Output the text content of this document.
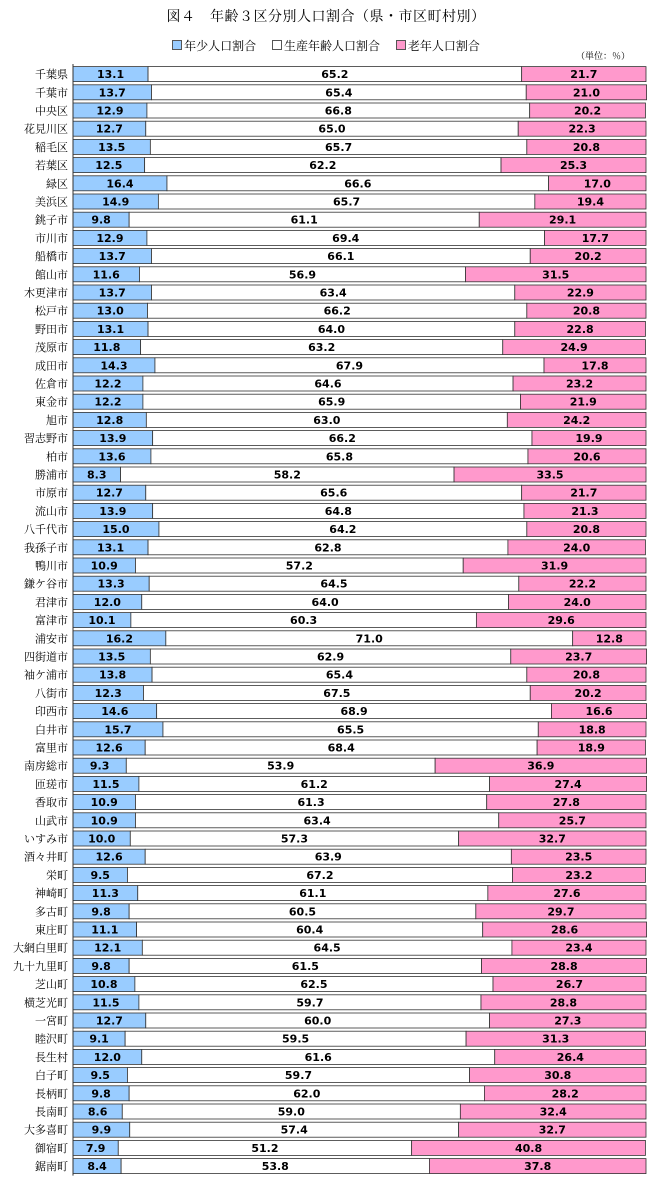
図４　年齢３区分別人口割合（県・市区町村別）
年少人口割合 生産年齢人口割合 老年人口割合
（単位：％）
千葉県	13.1	65.2	21.7
千葉市	13.7	65.4	21.0
中央区	12.9	66.8	20.2
花見川区	12.7	65.0	22.3
稲毛区	13.5	65.7	20.8
若葉区 12.5	62.2	25.3
緑区	16.4	66.6	17.0
美浜区	14.9	65.7	19.4
銚子市 9.8	61.1	29.1
市川市	12.9	69.4	17.7
船橋市	13.7	66.1	20.2
館山市 11.6	56.9	31.5
木更津市	13.7	63.4	22.9
松戸市	13.0	66.2	20.8
野田市	13.1	64.0	22.8
茂原市 11.8	63.2	24.9
成田市	14.3	67.9	17.8
佐倉市 12.2	64.6	23.2
東金市 12.2	65.9	21.9
旭市	12.8	63.0	24.2
習志野市	13.9	66.2	19.9
柏市	13.6	65.8	20.6
勝浦市 8.3	58.2	33.5
市原市	12.7	65.6	21.7
流山市	13.9	64.8	21.3
八千代市	15.0	64.2	20.8
我孫子市	13.1	62.8	24.0
鴨川市 10.9	57.2	31.9
鎌ケ谷市	13.3	64.5	22.2
君津市 12.0	64.0	24.0
富津市 10.1	60.3	29.6
浦安市	16.2	71.0	12.8
四街道市	13.5	62.9	23.7
袖ケ浦市	13.8	65.4	20.8
八街市 12.3	67.5	20.2
印西市	14.6	68.9	16.6
白井市	15.7	65.5	18.8
富里市	12.6	68.4	18.9
南房総市 9.3	53.9	36.9
匝瑳市 11.5	61.2	27.4
香取市 10.9	61.3	27.8
山武市 10.9	63.4	25.7
いすみ市 10.0	57.3	32.7
酒々井町	12.6	63.9	23.5
栄町 9.5	67.2	23.2
神崎町 11.3	61.1	27.6
多古町 9.8	60.5	29.7
東庄町 11.1	60.4	28.6
大網白里町 12.1	64.5	23.4
九十九里町 9.8	61.5	28.8
芝山町 10.8	62.5	26.7
横芝光町 11.5	59.7	28.8
一宮町	12.7	60.0	27.3
睦沢町 9.1	59.5	31.3
長生村 12.0	61.6	26.4
白子町 9.5	59.7	30.8
長柄町 9.8	62.0	28.2
長南町 8.6	59.0	32.4
大多喜町 9.9	57.4	32.7
御宿町 7.9	51.2	40.8
鋸南町 8.4	53.8	37.8
